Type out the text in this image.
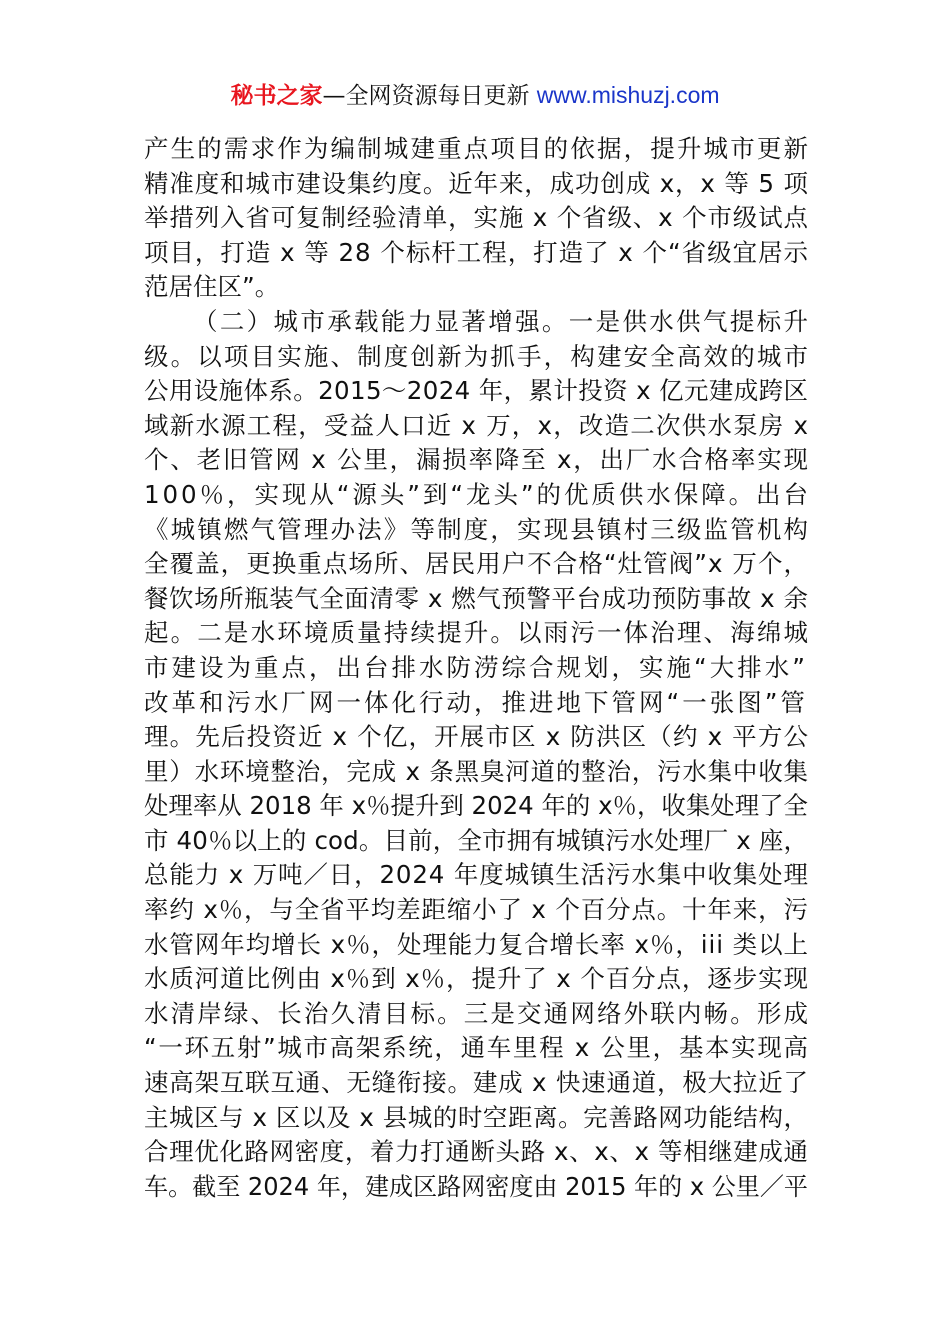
秘书之家—全网资源每日更新 www.mishuzj.com
产生的需求作为编制城建重点项目的依据，提升城市更新
精准度和城市建设集约度。近年来，成功创成 x，x 等 5 项
举措列入省可复制经验清单，实施 x 个省级、x 个市级试点
项目，打造 x 等 28 个标杆工程，打造了 x 个“省级宜居示
范居住区”。
（二）城市承载能力显著增强。一是供水供气提标升
级。以项目实施、制度创新为抓手，构建安全高效的城市
公用设施体系。2015～2024 年，累计投资 x 亿元建成跨区
域新水源工程，受益人口近 x 万，x，改造二次供水泵房 x
个、老旧管网 x 公里，漏损率降至 x，出厂水合格率实现
100％，实现从“源头”到“龙头”的优质供水保障。出台
《城镇燃气管理办法》等制度，实现县镇村三级监管机构
全覆盖，更换重点场所、居民用户不合格“灶管阀”x 万个，
餐饮场所瓶装气全面清零 x 燃气预警平台成功预防事故 x 余
起。二是水环境质量持续提升。以雨污一体治理、海绵城
市建设为重点，出台排水防涝综合规划，实施“大排水”
改革和污水厂网一体化行动，推进地下管网“一张图”管
理。先后投资近 x 个亿，开展市区 x 防洪区（约 x 平方公
里）水环境整治，完成 x 条黑臭河道的整治，污水集中收集
处理率从 2018 年 x％提升到 2024 年的 x％，收集处理了全
市 40％以上的 cod。目前，全市拥有城镇污水处理厂 x 座，
总能力 x 万吨／日，2024 年度城镇生活污水集中收集处理
率约 x％，与全省平均差距缩小了 x 个百分点。十年来，污
水管网年均增长 x％，处理能力复合增长率 x％，iii 类以上
水质河道比例由 x％到 x％，提升了 x 个百分点，逐步实现
水清岸绿、长治久清目标。三是交通网络外联内畅。形成
“一环五射”城市高架系统，通车里程 x 公里，基本实现高
速高架互联互通、无缝衔接。建成 x 快速通道，极大拉近了
主城区与 x 区以及 x 县城的时空距离。完善路网功能结构，
合理优化路网密度，着力打通断头路 x、x、x 等相继建成通
车。截至 2024 年，建成区路网密度由 2015 年的 x 公里／平
